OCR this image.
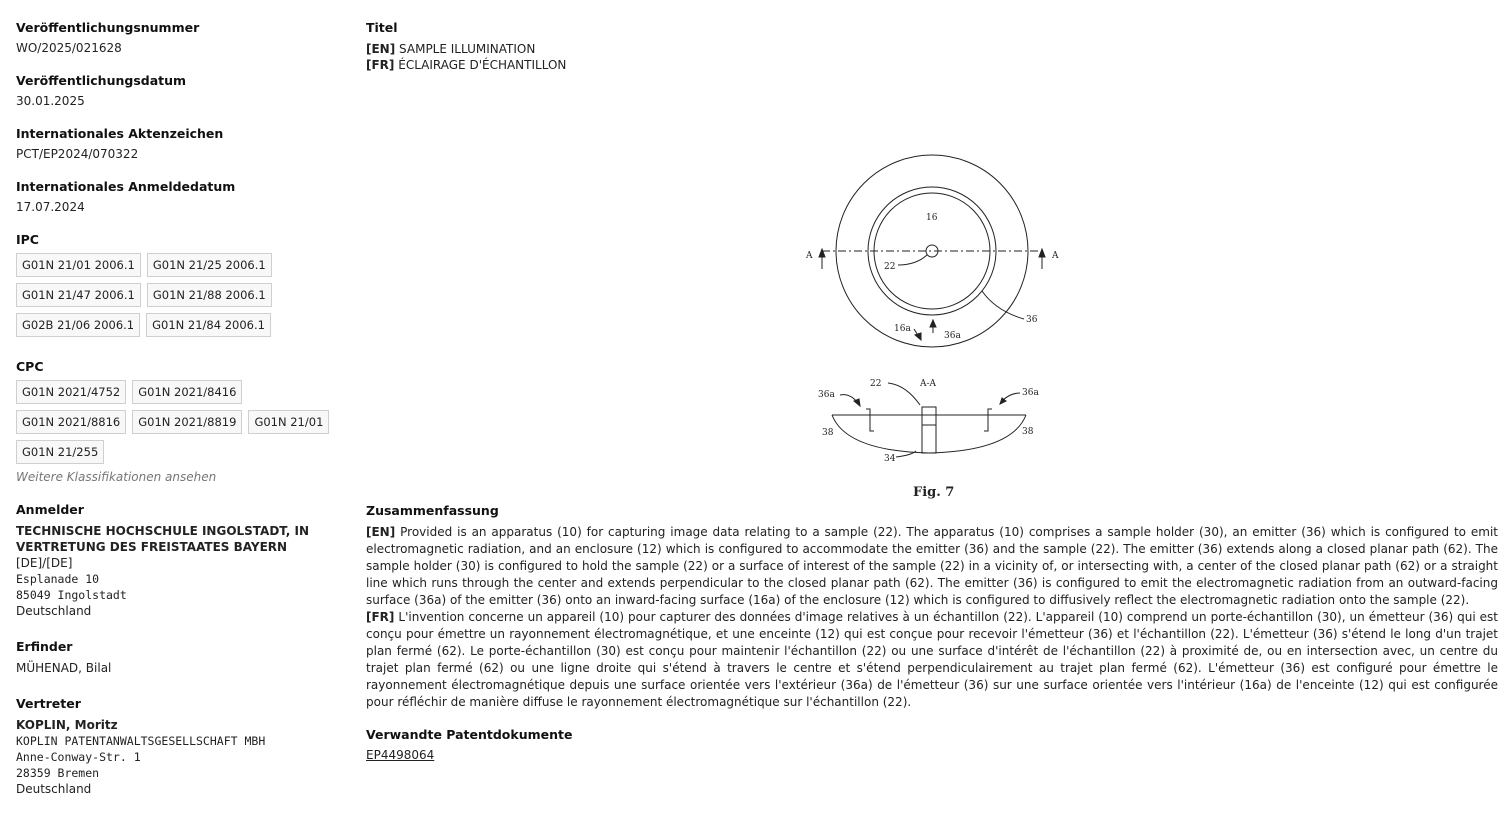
Veröffentlichungsnummer
WO/2025/021628
Veröffentlichungsdatum
30.01.2025
Internationales Aktenzeichen
PCT/EP2024/070322
Internationales Anmeldedatum
17.07.2024
IPC
G01N 21/01 2006.1	G01N 21/25 2006.1
G01N 21/47 2006.1	G01N 21/88 2006.1
G02B 21/06 2006.1	G01N 21/84 2006.1
CPC
G01N 2021/4752	G01N 2021/8416
G01N 2021/8816	G01N 2021/8819	G01N 21/01
G01N 21/255
Weitere Klassifikationen ansehen
Anmelder
TECHNISCHE HOCHSCHULE INGOLSTADT, IN VERTRETUNG DES FREISTAATES BAYERN [DE]/[DE]
Esplanade 10
85049 Ingolstadt
Deutschland
Erfinder
MÜHENAD, Bilal
Vertreter
KOPLIN, Moritz
KOPLIN PATENTANWALTSGESELLSCHAFT MBH
Anne-Conway-Str. 1
28359 Bremen
Deutschland
Titel
[EN] SAMPLE ILLUMINATION
[FR] ÉCLAIRAGE D'ÉCHANTILLON
A	A
16
22
36
16a
36a
A-A
22
36a	36a
38	38
34
Fig. 7
Zusammenfassung

[EN] Provided is an apparatus (10) for capturing image data relating to a sample (22). The apparatus (10) comprises a sample holder (30), an emitter (36) which is configured to emit electromagnetic radiation, and an enclosure (12) which is configured to accommodate the emitter (36) and the sample (22). The emitter (36) extends along a closed planar path (62). The sample holder (30) is configured to hold the sample (22) or a surface of interest of the sample (22) in a vicinity of, or intersecting with, a center of the closed planar path (62) or a straight line which runs through the center and extends perpendicular to the closed planar path (62). The emitter (36) is configured to emit the electromagnetic radiation from an outward-facing surface (36a) of the emitter (36) onto an inward-facing surface (16a) of the enclosure (12) which is configured to diffusively reflect the electromagnetic radiation onto the sample (22).

[FR] L'invention concerne un appareil (10) pour capturer des données d'image relatives à un échantillon (22). L'appareil (10) comprend un porte-échantillon (30), un émetteur (36) qui est conçu pour émettre un rayonnement électromagnétique, et une enceinte (12) qui est conçue pour recevoir l'émetteur (36) et l'échantillon (22). L'émetteur (36) s'étend le long d'un trajet plan fermé (62). Le porte-échantillon (30) est conçu pour maintenir l'échantillon (22) ou une surface d'intérêt de l'échantillon (22) à proximité de, ou en intersection avec, un centre du trajet plan fermé (62) ou une ligne droite qui s'étend à travers le centre et s'étend perpendiculairement au trajet plan fermé (62). L'émetteur (36) est configuré pour émettre le rayonnement électromagnétique depuis une surface orientée vers l'extérieur (36a) de l'émetteur (36) sur une surface orientée vers l'intérieur (16a) de l'enceinte (12) qui est configurée pour réfléchir de manière diffuse le rayonnement électromagnétique sur l'échantillon (22).

Verwandte Patentdokumente
EP4498064
